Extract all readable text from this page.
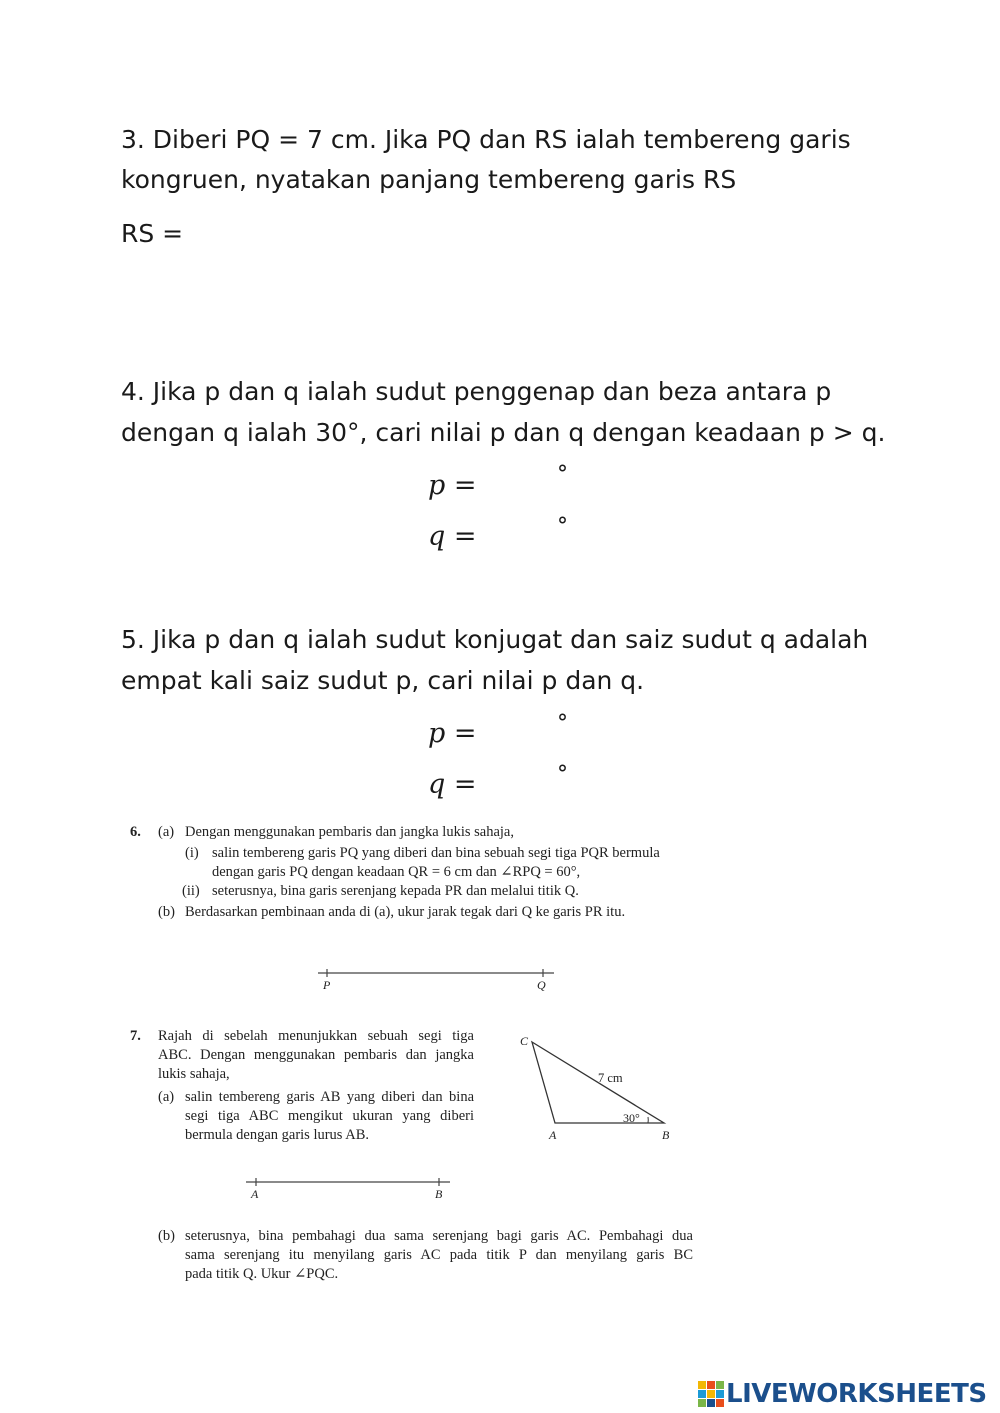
3. Diberi PQ = 7 cm. Jika PQ dan RS ialah tembereng garis
kongruen, nyatakan panjang tembereng garis RS
RS =
4. Jika p dan q ialah sudut penggenap dan beza antara p
dengan q ialah 30°, cari nilai p dan q dengan keadaan p > q.
p =	°
q =	°
5. Jika p dan q ialah sudut konjugat dan saiz sudut q adalah
empat kali saiz sudut p, cari nilai p dan q.
p =	°
q =	°
6. (a) Dengan menggunakan pembaris dan jangka lukis sahaja,
(i) salin tembereng garis PQ yang diberi dan bina sebuah segi tiga PQR bermula
dengan garis PQ dengan keadaan QR = 6 cm dan ∠RPQ = 60°,
(ii) seterusnya, bina garis serenjang kepada PR dan melalui titik Q.
(b) Berdasarkan pembinaan anda di (a), ukur jarak tegak dari Q ke garis PR itu.
P	Q
7. Rajah di sebelah menunjukkan sebuah segi tiga
ABC. Dengan menggunakan pembaris dan jangka
lukis sahaja,
(a) salin tembereng garis AB yang diberi dan bina
segi tiga ABC mengikut ukuran yang diberi
bermula dengan garis lurus AB.
C
A	B
7 cm
30°
A	B
(b) seterusnya, bina pembahagi dua sama serenjang bagi garis AC. Pembahagi dua
sama serenjang itu menyilang garis AC pada titik P dan menyilang garis BC
pada titik Q. Ukur ∠PQC.
LIVEWORKSHEETS
